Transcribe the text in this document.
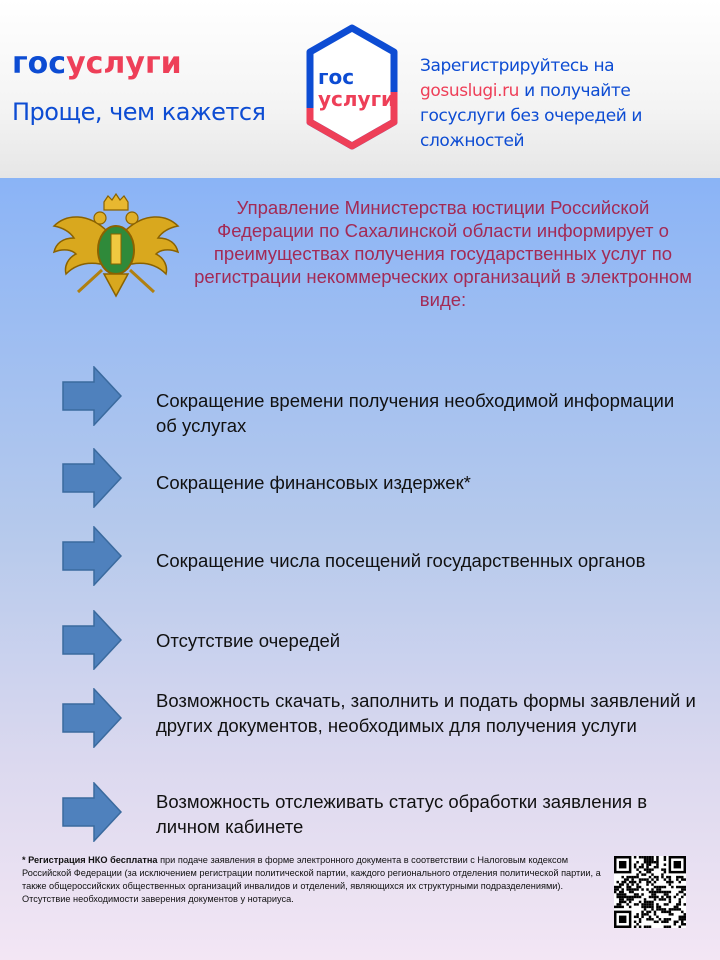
госуслуги
Проще, чем кажется
гос
услуги
Зарегистрируйтесь на gosuslugi.ru и получайте госуслуги без очередей и сложностей
Управление Министерства юстиции Российской Федерации по Сахалинской области информирует о преимуществах получения государственных услуг по регистрации некоммерческих организаций в электронном виде:
Сокращение времени получения необходимой информации об услугах
Сокращение финансовых издержек*
Сокращение числа посещений государственных органов
Отсутствие очередей
Возможность скачать, заполнить и подать формы заявлений и других документов, необходимых для получения услуги
Возможность отслеживать статус обработки заявления в личном кабинете
* Регистрация НКО бесплатна при подаче заявления в форме электронного документа в соответствии с Налоговым кодексом Российской Федерации (за исключением регистрации политической партии, каждого регионального отделения политической партии, а также общероссийских общественных организаций инвалидов и отделений, являющихся их структурными подразделениями). Отсутствие необходимости заверения документов у нотариуса.
